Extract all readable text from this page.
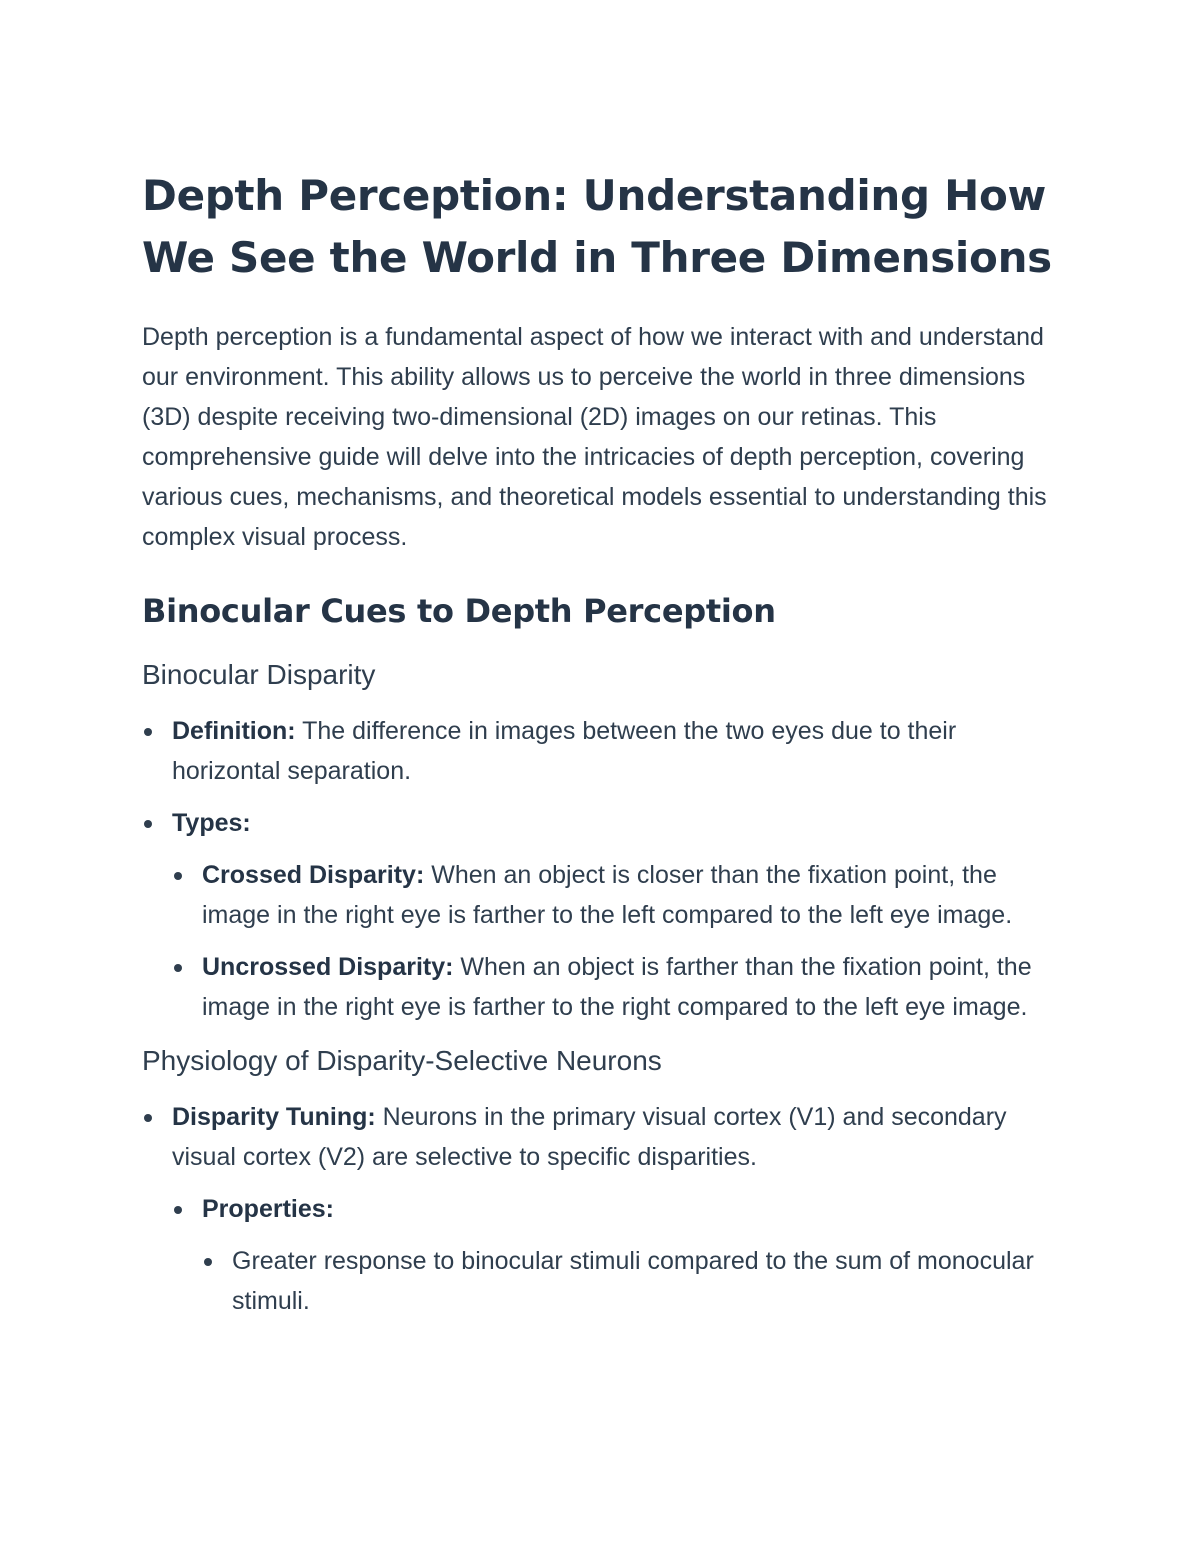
Depth Perception: Understanding How We See the World in Three Dimensions

Depth perception is a fundamental aspect of how we interact with and understand our environment. This ability allows us to perceive the world in three dimensions (3D) despite receiving two-dimensional (2D) images on our retinas. This comprehensive guide will delve into the intricacies of depth perception, covering various cues, mechanisms, and theoretical models essential to understanding this complex visual process.

Binocular Cues to Depth Perception
Binocular Disparity
Definition: The difference in images between the two eyes due to their horizontal separation.
Types:
Crossed Disparity: When an object is closer than the fixation point, the image in the right eye is farther to the left compared to the left eye image.
Uncrossed Disparity: When an object is farther than the fixation point, the image in the right eye is farther to the right compared to the left eye image.
Physiology of Disparity-Selective Neurons
Disparity Tuning: Neurons in the primary visual cortex (V1) and secondary visual cortex (V2) are selective to specific disparities.
Properties:
Greater response to binocular stimuli compared to the sum of monocular stimuli.
